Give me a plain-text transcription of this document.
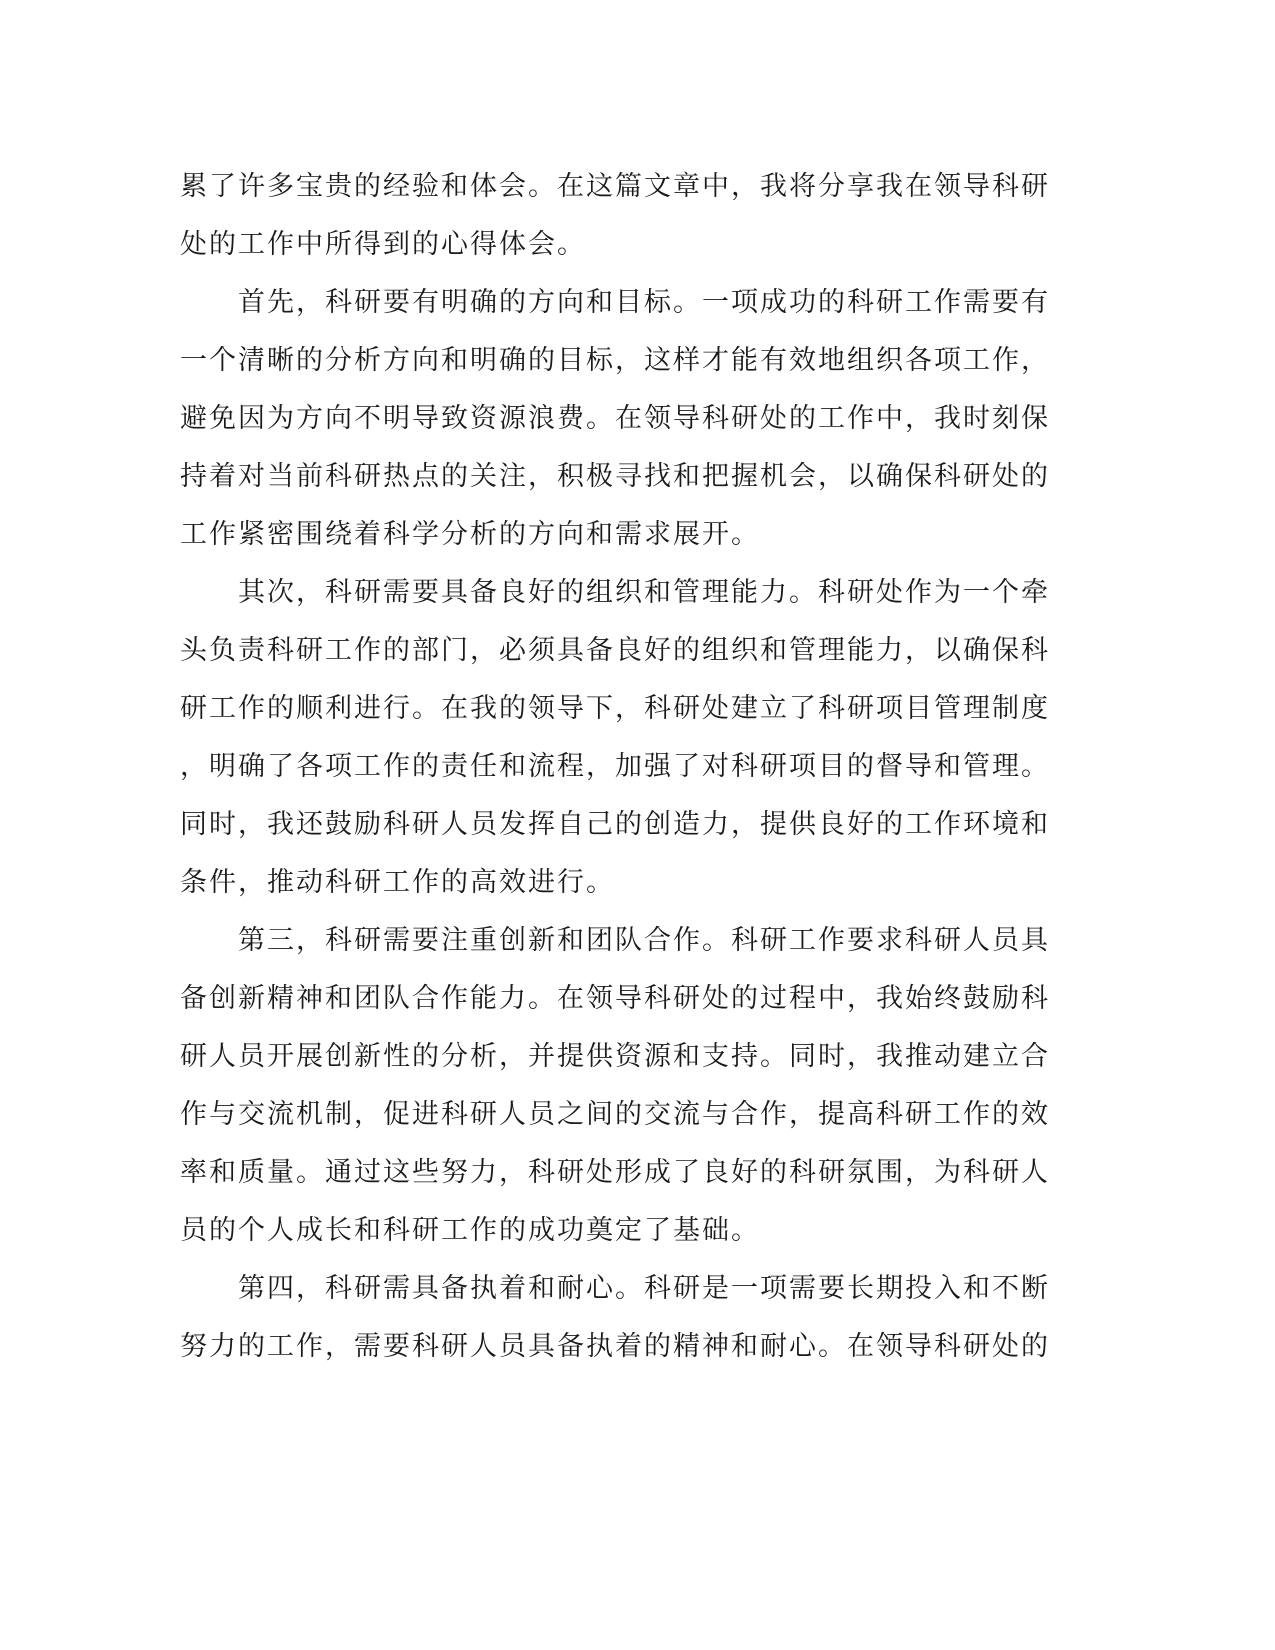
累了许多宝贵的经验和体会。在这篇文章中，我将分享我在领导科研
处的工作中所得到的心得体会。
　　首先，科研要有明确的方向和目标。一项成功的科研工作需要有
一个清晰的分析方向和明确的目标，这样才能有效地组织各项工作，
避免因为方向不明导致资源浪费。在领导科研处的工作中，我时刻保
持着对当前科研热点的关注，积极寻找和把握机会，以确保科研处的
工作紧密围绕着科学分析的方向和需求展开。
　　其次，科研需要具备良好的组织和管理能力。科研处作为一个牵
头负责科研工作的部门，必须具备良好的组织和管理能力，以确保科
研工作的顺利进行。在我的领导下，科研处建立了科研项目管理制度
，明确了各项工作的责任和流程，加强了对科研项目的督导和管理。
同时，我还鼓励科研人员发挥自己的创造力，提供良好的工作环境和
条件，推动科研工作的高效进行。
　　第三，科研需要注重创新和团队合作。科研工作要求科研人员具
备创新精神和团队合作能力。在领导科研处的过程中，我始终鼓励科
研人员开展创新性的分析，并提供资源和支持。同时，我推动建立合
作与交流机制，促进科研人员之间的交流与合作，提高科研工作的效
率和质量。通过这些努力，科研处形成了良好的科研氛围，为科研人
员的个人成长和科研工作的成功奠定了基础。
　　第四，科研需具备执着和耐心。科研是一项需要长期投入和不断
努力的工作，需要科研人员具备执着的精神和耐心。在领导科研处的
